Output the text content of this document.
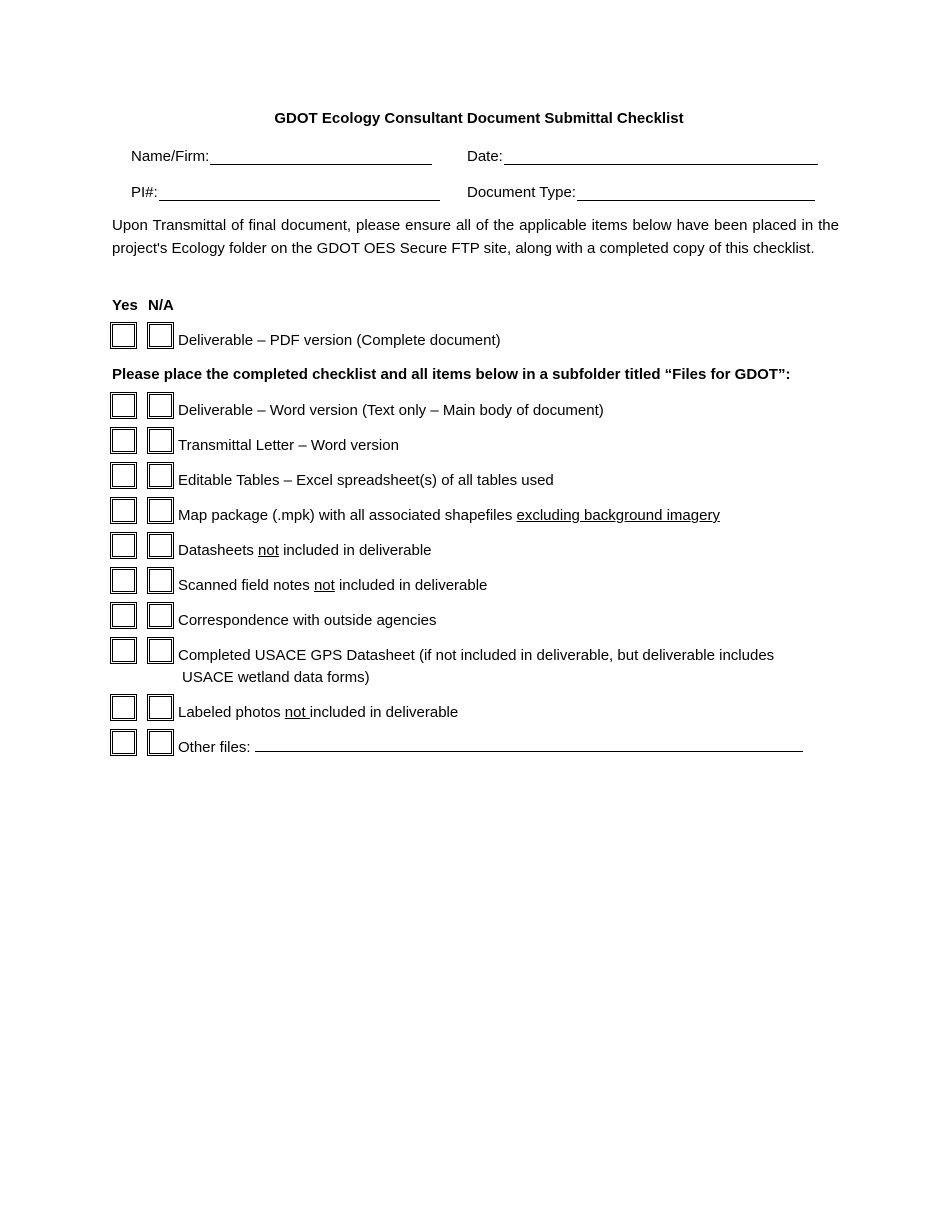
GDOT Ecology Consultant Document Submittal Checklist
Name/Firm:	Date:
PI#:	Document Type:
Upon Transmittal of final document, please ensure all of the applicable items below have been placed in the project's Ecology folder on the GDOT OES Secure FTP site, along with a completed copy of this checklist.
Yes N/A
Deliverable – PDF version (Complete document)
Please place the completed checklist and all items below in a subfolder titled “Files for GDOT”:
Deliverable – Word version (Text only – Main body of document)
Transmittal Letter – Word version
Editable Tables – Excel spreadsheet(s) of all tables used
Map package (.mpk) with all associated shapefiles excluding background imagery
Datasheets not included in deliverable
Scanned field notes not included in deliverable
Correspondence with outside agencies
Completed USACE GPS Datasheet (if not included in deliverable, but deliverable includes
USACE wetland data forms)
Labeled photos not included in deliverable
Other files:
